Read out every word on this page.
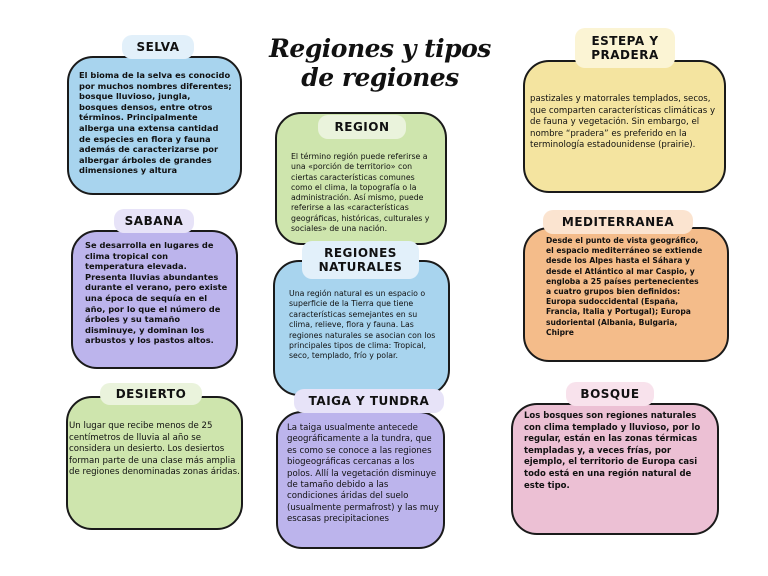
Regiones y tipos de regiones
El bioma de la selva es conocido por muchos nombres diferentes; bosque lluvioso, jungla, bosques densos, entre otros términos. Principalmente alberga una extensa cantidad de especies en flora y fauna además de caracterizarse por albergar árboles de grandes dimensiones y altura
SELVA
El término región puede referirse a una «porción de territorio» con ciertas características comunes como el clima, la topografía o la administración. Así mismo, puede referirse a las «características geográficas, históricas, culturales y sociales» de una nación.
REGION
pastizales y matorrales templados, secos, que comparten características climáticas y de fauna y vegetación. Sin embargo, el nombre “pradera” es preferido en la terminología estadounidense (prairie).
ESTEPA Y PRADERA
Se desarrolla en lugares de clima tropical con temperatura elevada. Presenta lluvias abundantes durante el verano, pero existe una época de sequía en el año, por lo que el número de árboles y su tamaño disminuye, y dominan los arbustos y los pastos altos.
SABANA
Una región natural es un espacio o superficie de la Tierra que tiene características semejantes en su clima, relieve, flora y fauna. Las regiones naturales se asocian con los principales tipos de clima: Tropical, seco, templado, frío y polar.
REGIONES NATURALES
Desde el punto de vista geográfico, el espacio mediterráneo se extiende desde los Alpes hasta el Sáhara y desde el Atlántico al mar Caspio, y engloba a 25 países pertenecientes a cuatro grupos bien definidos: Europa sudoccidental (España, Francia, Italia y Portugal); Europa sudoriental (Albania, Bulgaria, Chipre
MEDITERRANEA
Un lugar que recibe menos de 25 centímetros de lluvia al año se considera un desierto. Los desiertos forman parte de una clase más amplia de regiones denominadas zonas áridas.
DESIERTO
La taiga usualmente antecede geográficamente a la tundra, que es como se conoce a las regiones biogeográficas cercanas a los polos. Allí la vegetación disminuye de tamaño debido a las condiciones áridas del suelo (usualmente permafrost) y las muy escasas precipitaciones
TAIGA Y TUNDRA
Los bosques son regiones naturales con clima templado y lluvioso, por lo regular, están en las zonas térmicas templadas y, a veces frías, por ejemplo, el territorio de Europa casi todo está en una región natural de este tipo.
BOSQUE
